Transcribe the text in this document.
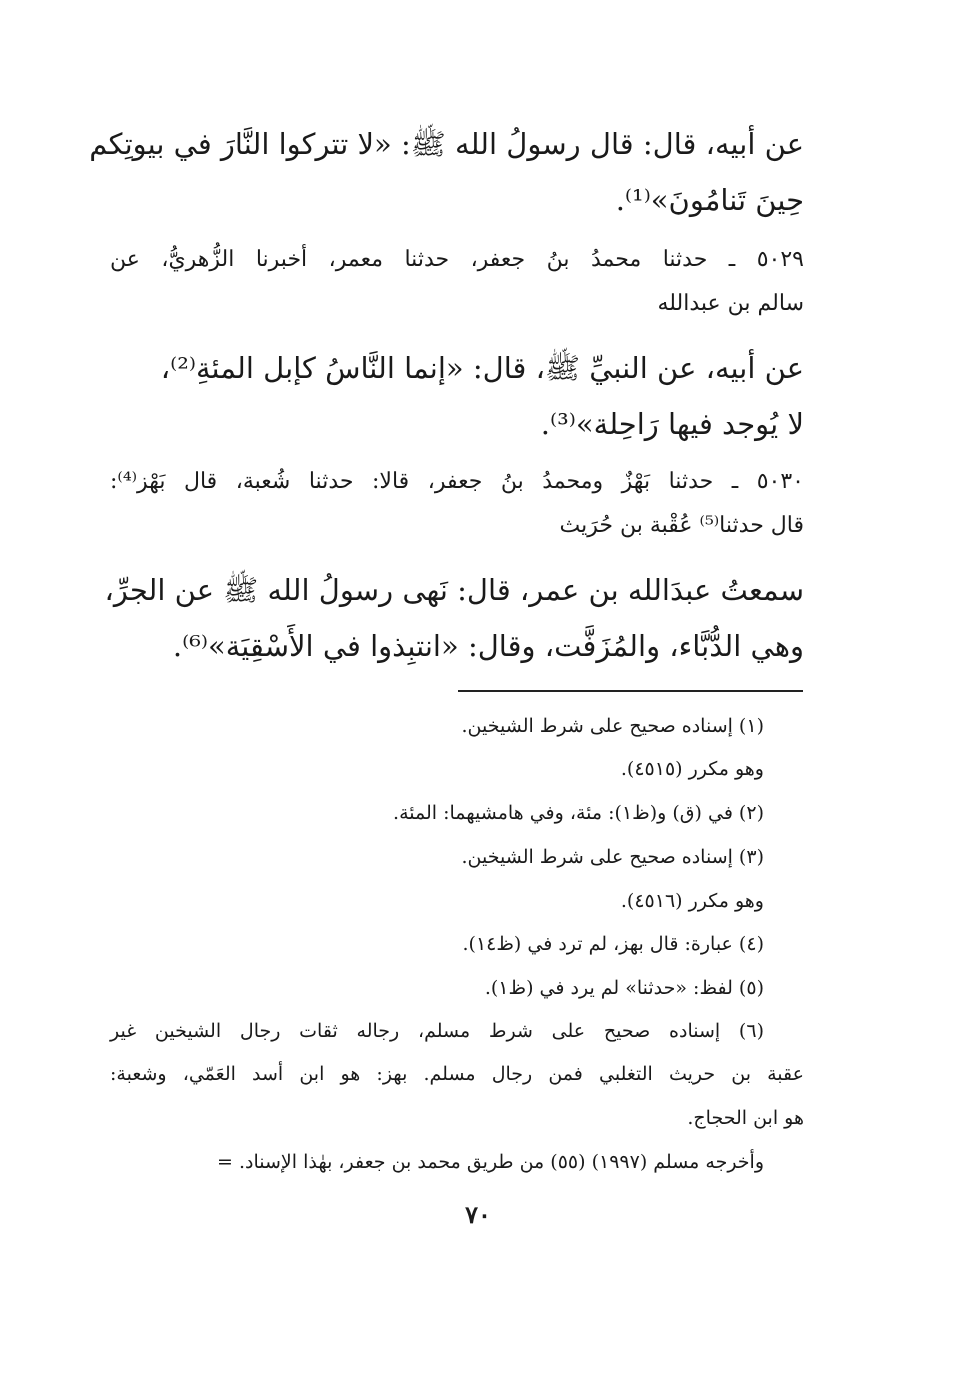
عن أبيه، قال: قال رسولُ الله ﷺ: «لا تتركوا النَّارَ في بيوتِكم
حِينَ تَنامُونَ»⁽¹⁾.
٥٠٢٩ ـ حدثنا محمدُ بنُ جعفر، حدثنا معمر، أخبرنا الزُّهريُّ، عن
سالم بن عبدالله
عن أبيه، عن النبيِّ ﷺ، قال: «إنما النَّاسُ كإبل المئةِ⁽²⁾،
لا يُوجد فيها رَاحِلة»⁽³⁾.
٥٠٣٠ ـ حدثنا بَهْزٌ ومحمدُ بنُ جعفر، قالا: حدثنا شُعبة، قال بَهْز⁽⁴⁾:
قال حدثنا⁽⁵⁾ عُقْبة بن حُرَيث
سمعتُ عبدَالله بن عمر، قال: نَهى رسولُ الله ﷺ عن الجرِّ،
وهي الدُّبَّاء، والمُزَفَّت، وقال: «انتبِذوا في الأَسْقِيَة»⁽⁶⁾.
(١) إسناده صحيح على شرط الشيخين.
وهو مكرر (٤٥١٥).
(٢) في (ق) و(ظ١): مئة، وفي هامشيهما: المئة.
(٣) إسناده صحيح على شرط الشيخين.
وهو مكرر (٤٥١٦).
(٤) عبارة: قال بهز، لم ترد في (ظ١٤).
(٥) لفظ: «حدثنا» لم يرد في (ظ١).
(٦) إسناده صحيح على شرط مسلم، رجاله ثقات رجال الشيخين غير
عقبة بن حريث التغلبي فمن رجال مسلم. بهز: هو ابن أسد العَمّي، وشعبة:
هو ابن الحجاج.
وأخرجه مسلم (١٩٩٧) (٥٥) من طريق محمد بن جعفر، بهٰذا الإسناد. =
٧٠
